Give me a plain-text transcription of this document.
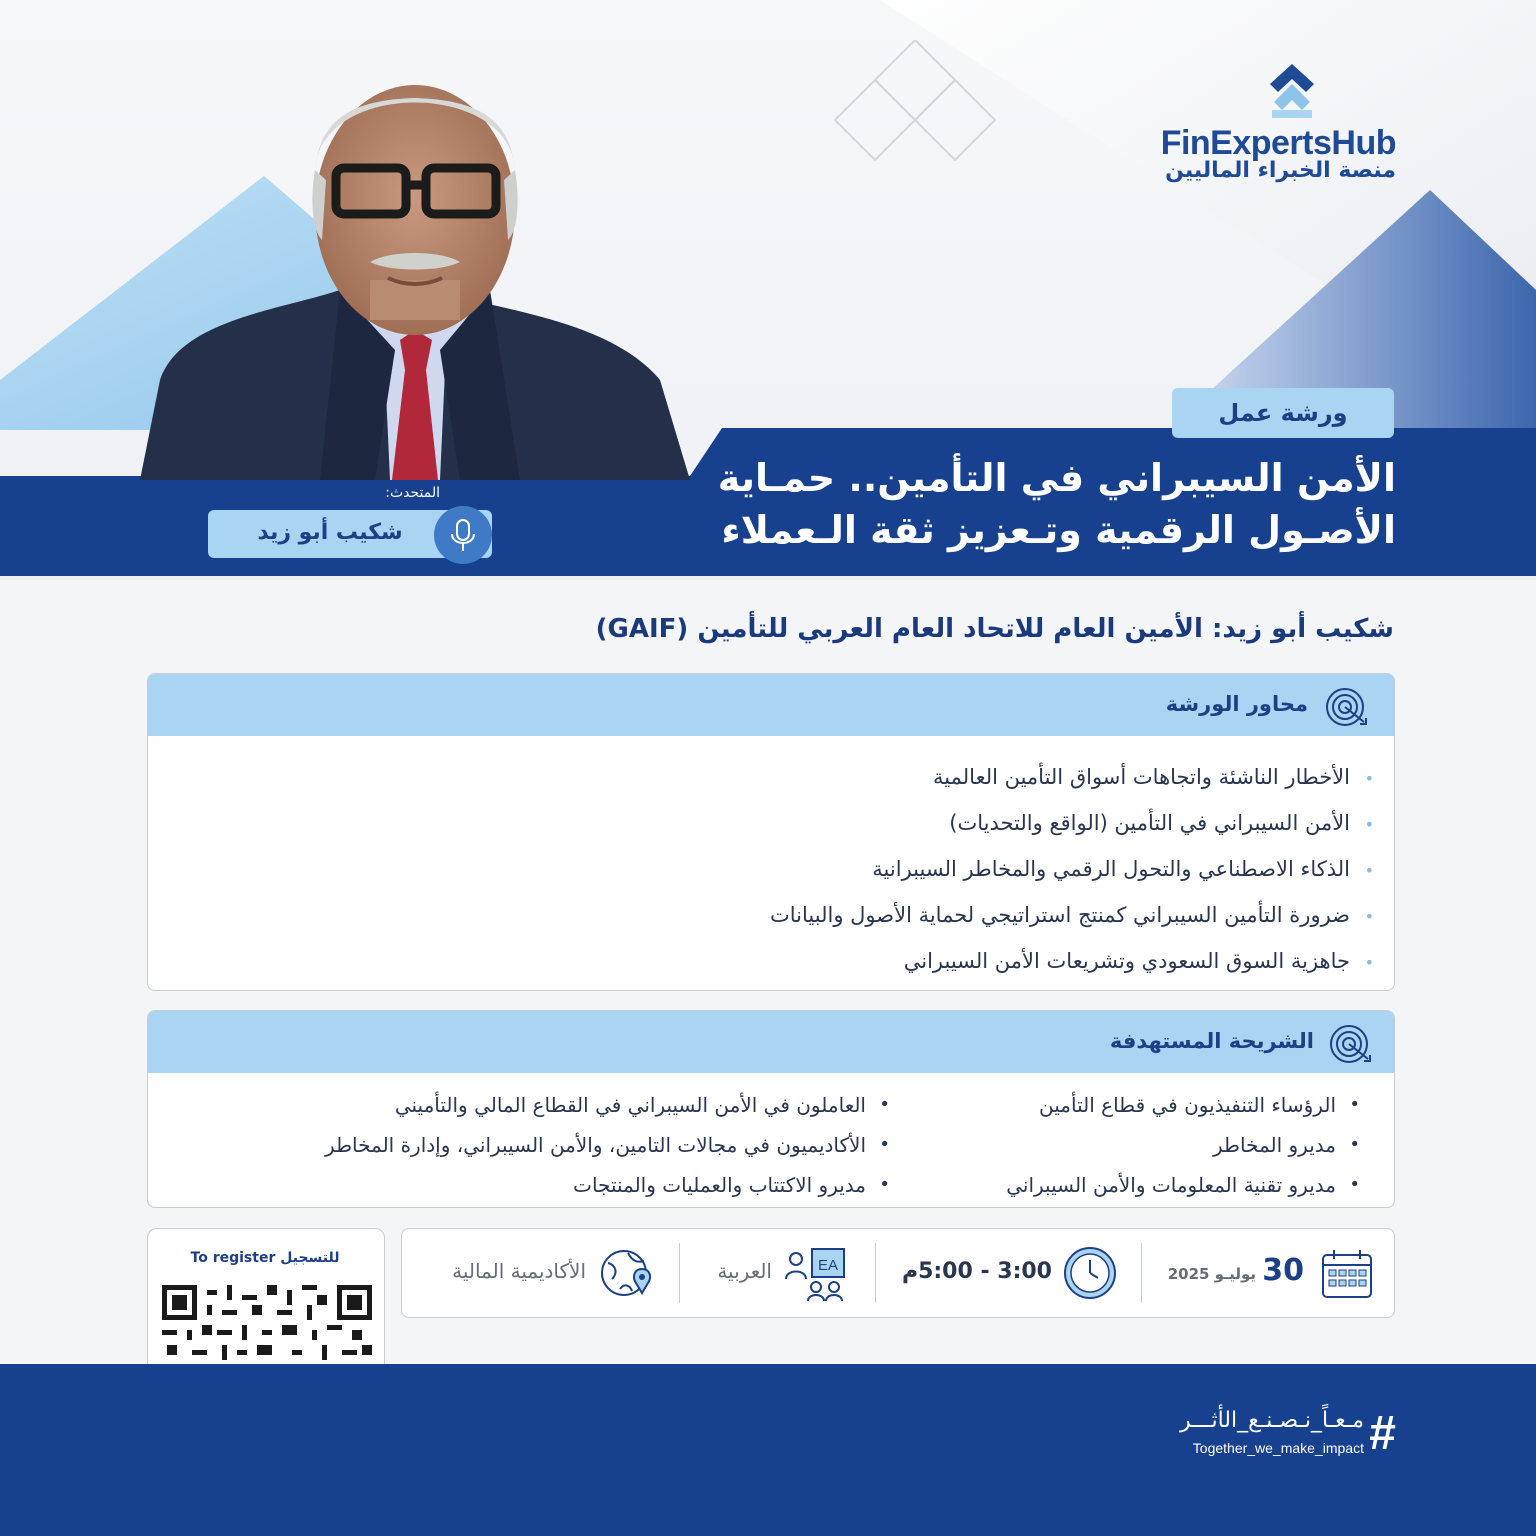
FinExpertsHub
منصة الخبراء الماليين
المتحدث:
شكيب أبو زيد
ورشة عمل
الأمن السيبراني في التأمين.. حمـاية
الأصـول الرقمية وتـعزيز ثقة الـعملاء
شكيب أبو زيد: الأمين العام للاتحاد العام العربي للتأمين (GAIF)
محاور الورشة
• الأخطار الناشئة واتجاهات أسواق التأمين العالمية
• الأمن السيبراني في التأمين (الواقع والتحديات)
• الذكاء الاصطناعي والتحول الرقمي والمخاطر السيبرانية
• ضرورة التأمين السيبراني كمنتج استراتيجي لحماية الأصول والبيانات
• جاهزية السوق السعودي وتشريعات الأمن السيبراني
الشريحة المستهدفة
• الرؤساء التنفيذيون في قطاع التأمين
• مديرو المخاطر
• مديرو تقنية المعلومات والأمن السيبراني
• العاملون في الأمن السيبراني في القطاع المالي والتأميني
• الأكاديميون في مجالات التامين، والأمن السيبراني، وإدارة المخاطر
• مديرو الاكتتاب والعمليات والمنتجات
30
يوليـو 2025
3:00 - 5:00م
EA
العربية
الأكاديمية المالية
To register للتسجيل
مـعـاً_نـصـنـع_الأثـــر
Together_we_make_impact #
